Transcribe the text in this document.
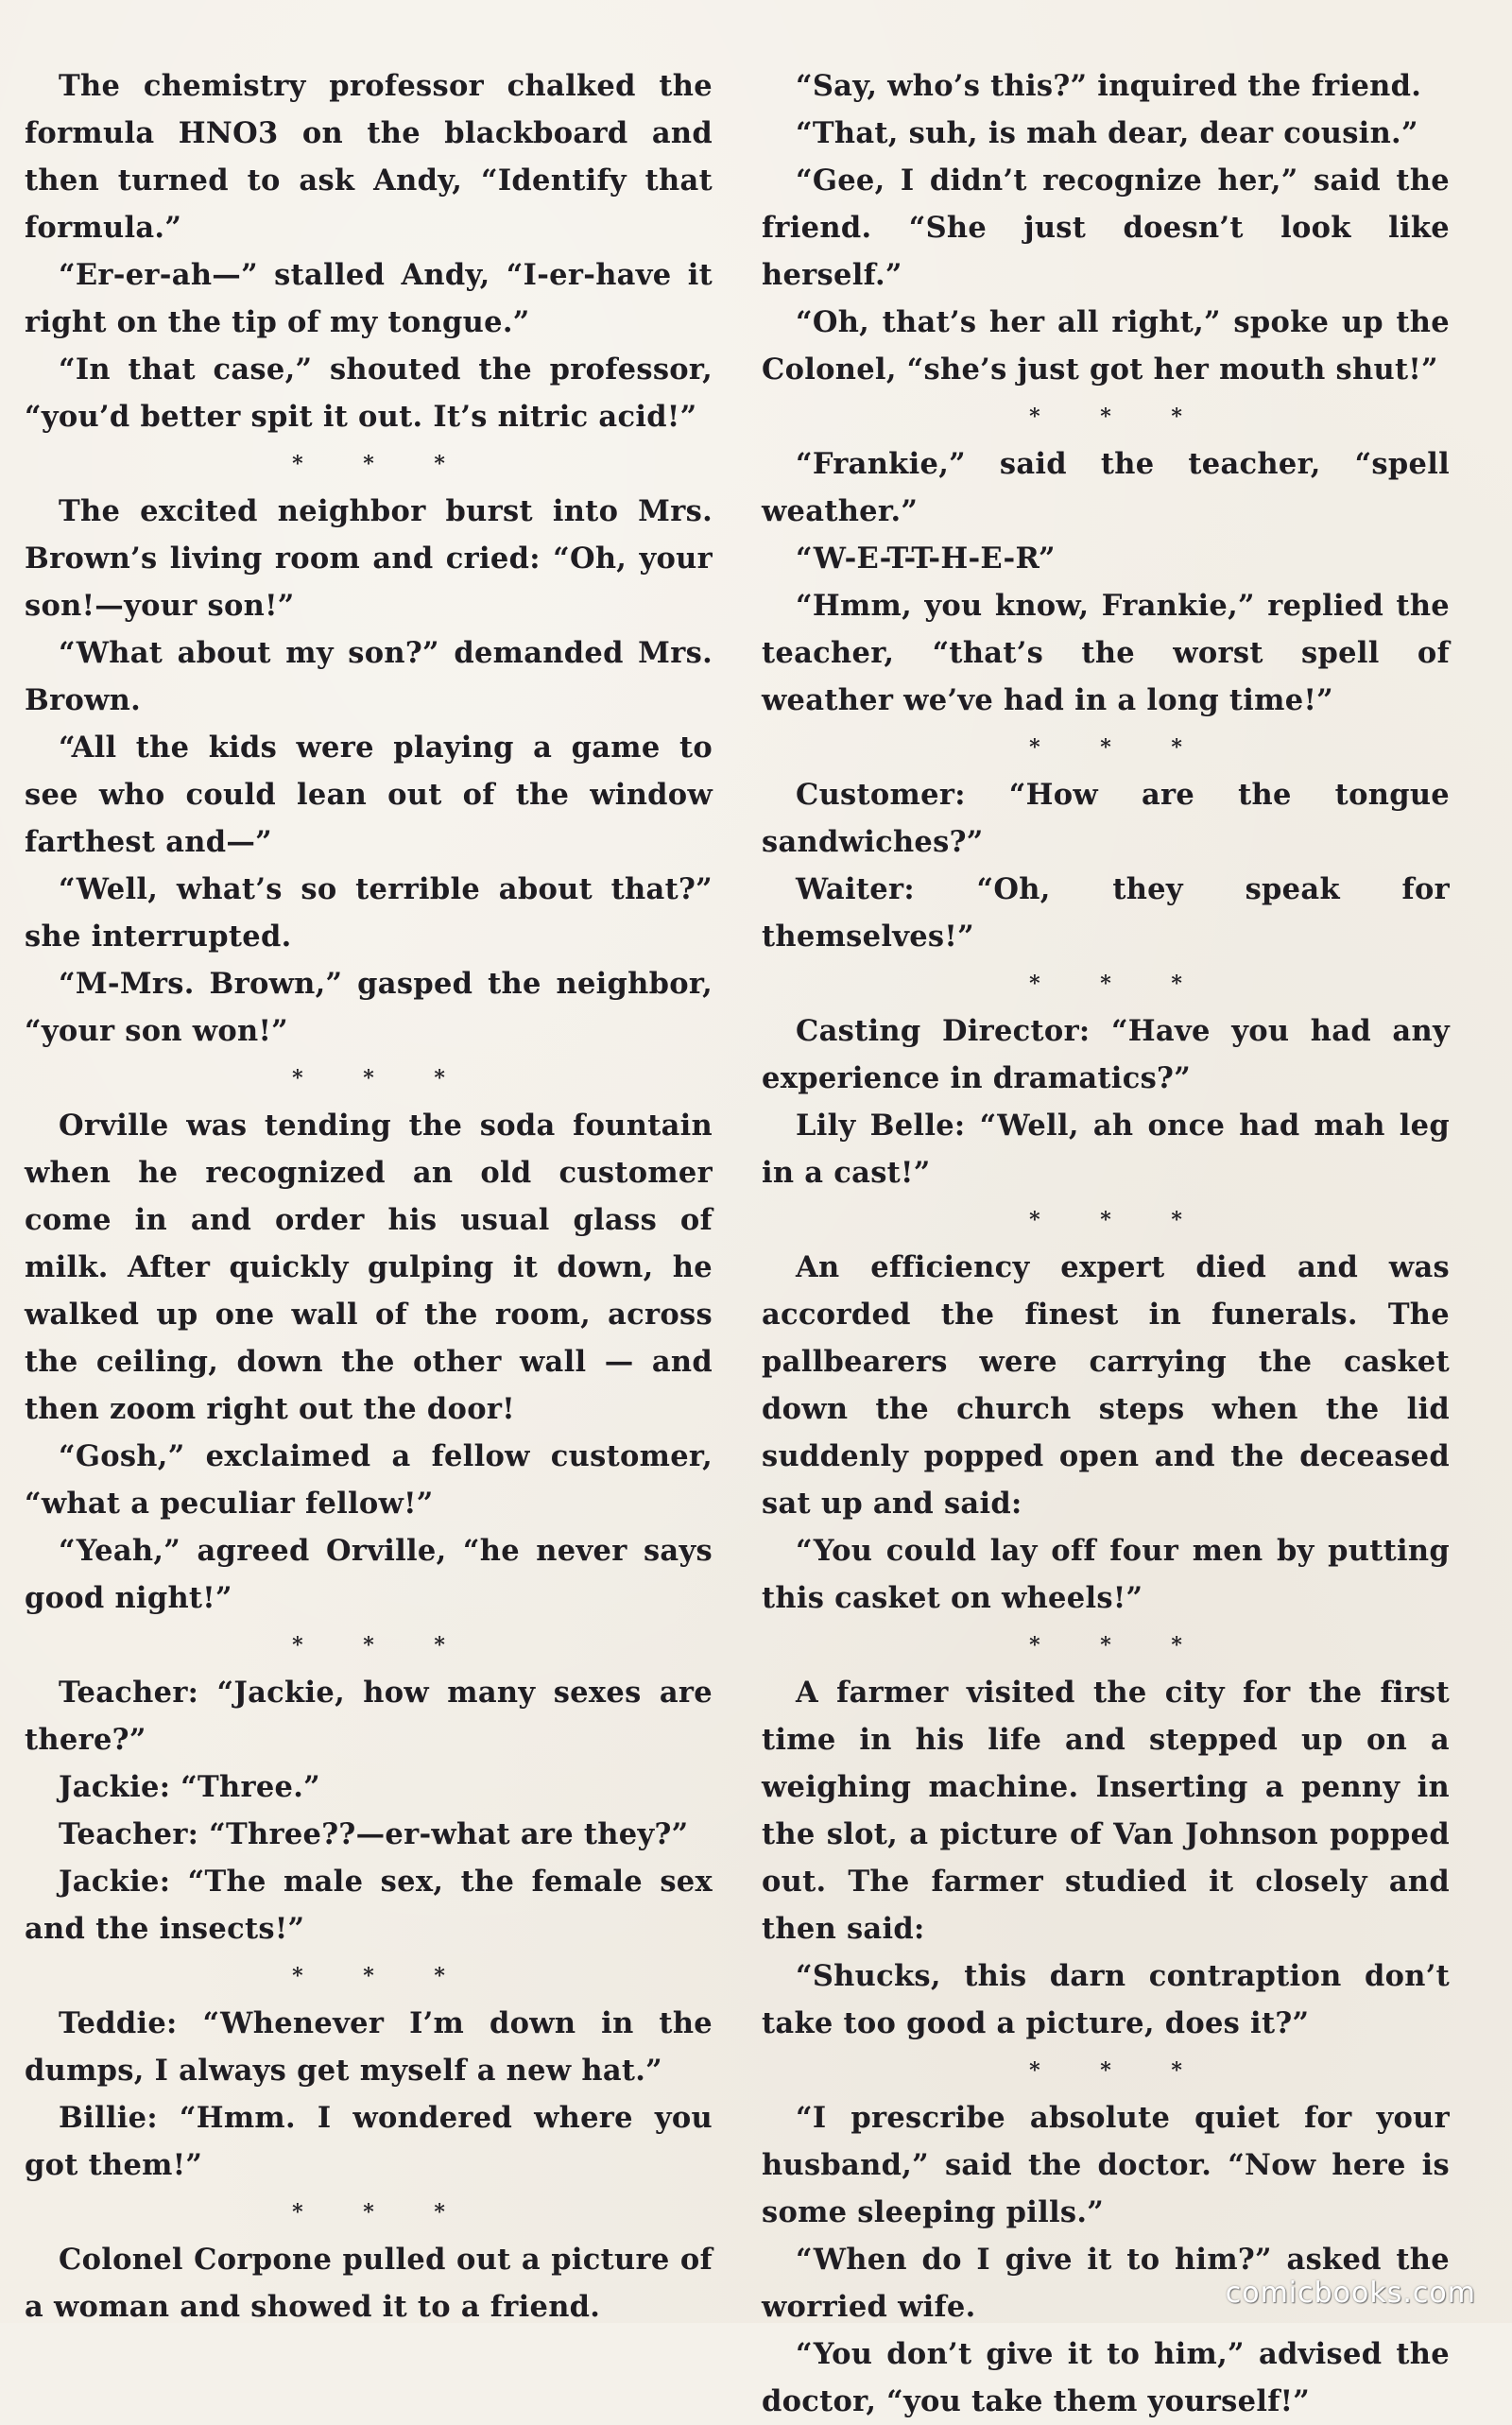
The chemistry professor chalked the formula HNO3 on the blackboard and then turned to ask Andy, “Identify that formula.”

“Er-er-ah—” stalled Andy, “I-er-have it right on the tip of my tongue.”

“In that case,” shouted the professor, “you’d better spit it out. It’s nitric acid!”

* * *

The excited neighbor burst into Mrs. Brown’s living room and cried: “Oh, your son!—your son!”

“What about my son?” demanded Mrs. Brown.

“All the kids were playing a game to see who could lean out of the window farthest and—”

“Well, what’s so terrible about that?” she interrupted.

“M-Mrs. Brown,” gasped the neighbor, “your son won!”

* * *

Orville was tending the soda fountain when he recognized an old customer come in and order his usual glass of milk. After quickly gulping it down, he walked up one wall of the room, across the ceiling, down the other wall — and then zoom right out the door!

“Gosh,” exclaimed a fellow customer, “what a peculiar fellow!”

“Yeah,” agreed Orville, “he never says good night!”

* * *

Teacher: “Jackie, how many sexes are there?”

Jackie: “Three.”

Teacher: “Three??—er-what are they?”

Jackie: “The male sex, the female sex and the insects!”

* * *

Teddie: “Whenever I’m down in the dumps, I always get myself a new hat.”

Billie: “Hmm. I wondered where you got them!”

* * *

Colonel Corpone pulled out a picture of a woman and showed it to a friend.

“Say, who’s this?” inquired the friend.

“That, suh, is mah dear, dear cousin.”

“Gee, I didn’t recognize her,” said the friend. “She just doesn’t look like herself.”

“Oh, that’s her all right,” spoke up the Colonel, “she’s just got her mouth shut!”

* * *

“Frankie,” said the teacher, “spell weather.”

“W-E-T-T-H-E-R”

“Hmm, you know, Frankie,” replied the teacher, “that’s the worst spell of weather we’ve had in a long time!”

* * *

Customer: “How are the tongue sandwiches?”

Waiter: “Oh, they speak for themselves!”

* * *

Casting Director: “Have you had any experience in dramatics?”

Lily Belle: “Well, ah once had mah leg in a cast!”

* * *

An efficiency expert died and was accorded the finest in funerals. The pallbearers were carrying the casket down the church steps when the lid suddenly popped open and the deceased sat up and said:

“You could lay off four men by putting this casket on wheels!”

* * *

A farmer visited the city for the first time in his life and stepped up on a weighing machine. Inserting a penny in the slot, a picture of Van Johnson popped out. The farmer studied it closely and then said:

“Shucks, this darn contraption don’t take too good a picture, does it?”

* * *

“I prescribe absolute quiet for your husband,” said the doctor. “Now here is some sleeping pills.”

“When do I give it to him?” asked the worried wife.

“You don’t give it to him,” advised the doctor, “you take them yourself!”

comicbooks.com
